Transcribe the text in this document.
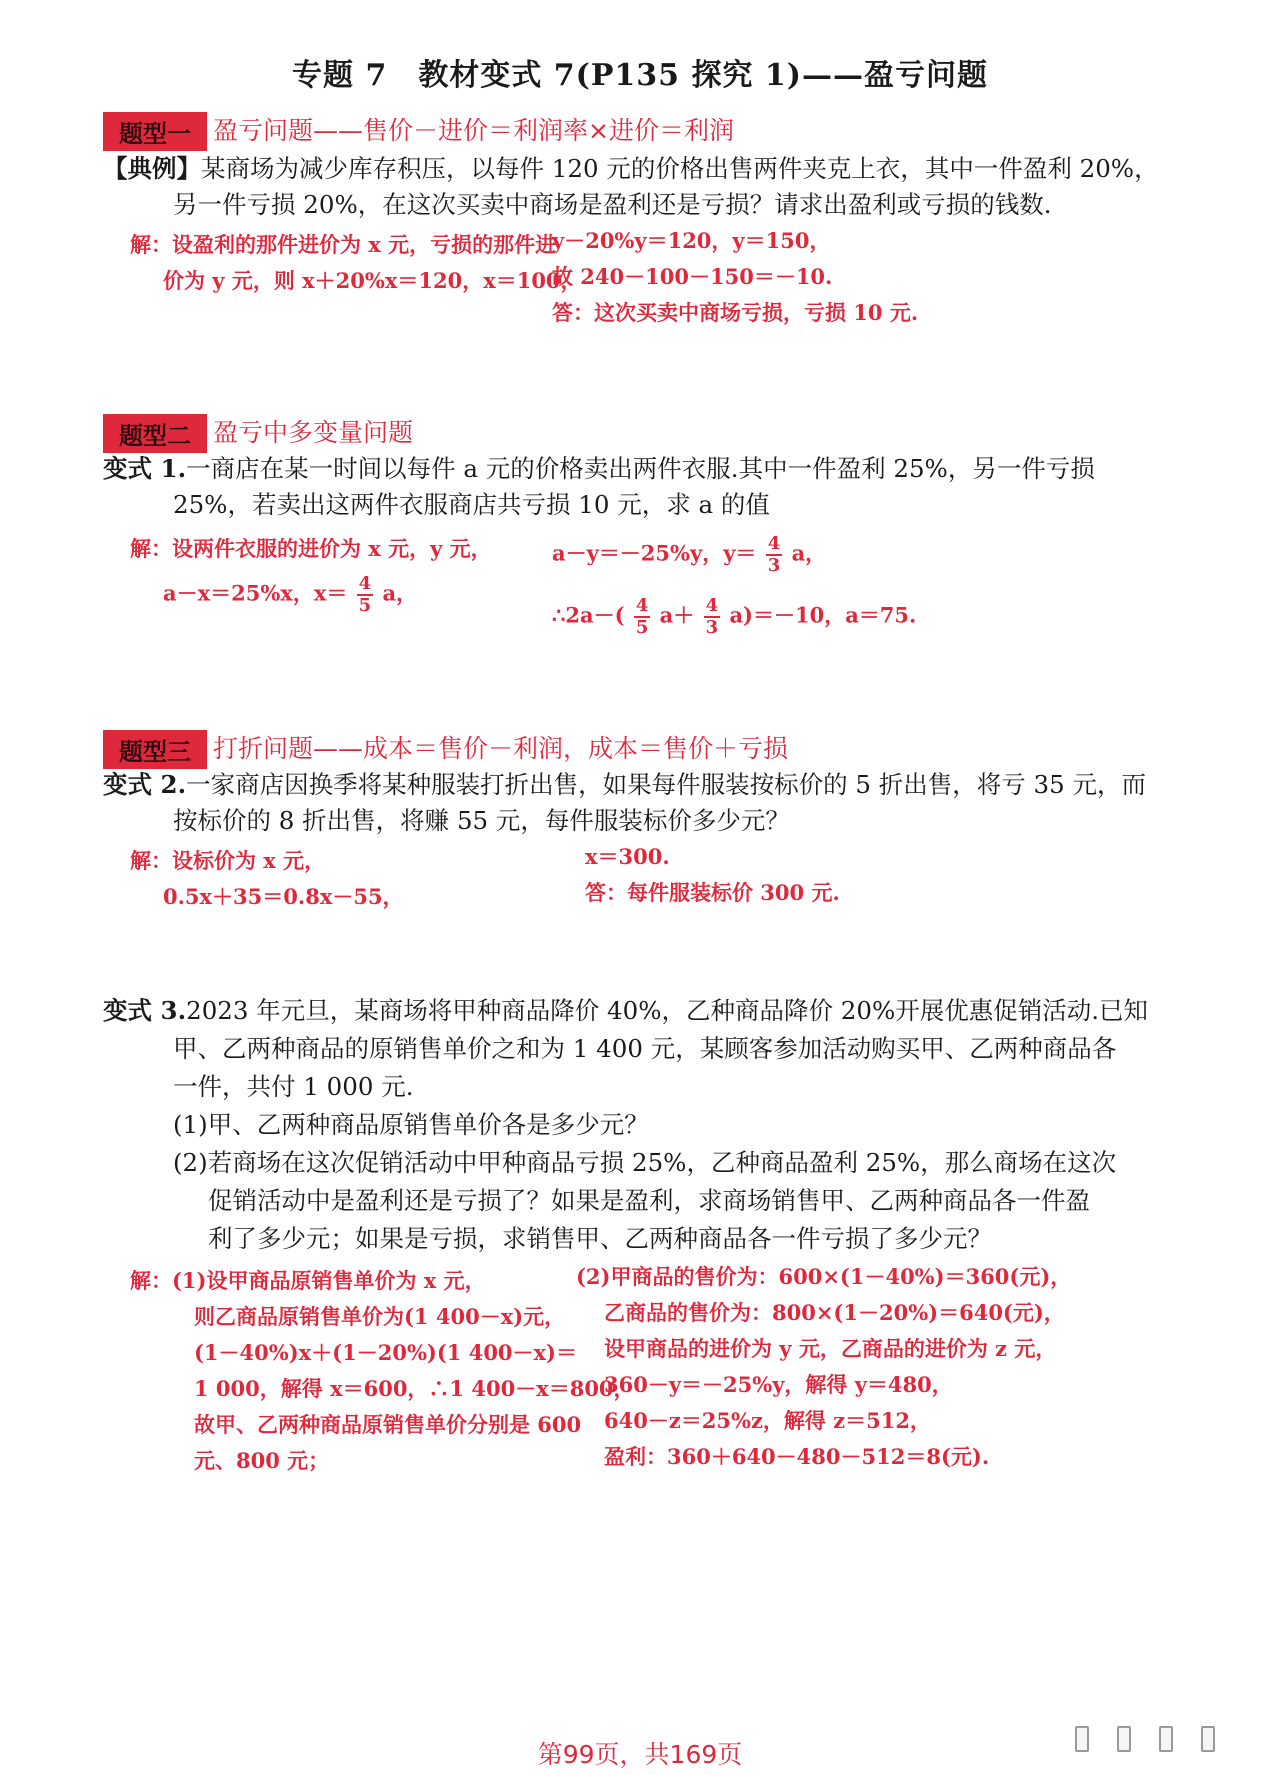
专题 7　教材变式 7(P135 探究 1)——盈亏问题
题型一 盈亏问题——售价－进价＝利润率×进价＝利润
【典例】某商场为减少库存积压，以每件 120 元的价格出售两件夹克上衣，其中一件盈利 20%，
另一件亏损 20%，在这次买卖中商场是盈利还是亏损？请求出盈利或亏损的钱数.
解：设盈利的那件进价为 x 元，亏损的那件进
价为 y 元，则 x＋20%x＝120，x＝100，
y－20%y＝120，y＝150，
故 240－100－150＝－10.
答：这次买卖中商场亏损，亏损 10 元.
题型二 盈亏中多变量问题
变式 1.一商店在某一时间以每件 a 元的价格卖出两件衣服.其中一件盈利 25%，另一件亏损
25%，若卖出这两件衣服商店共亏损 10 元，求 a 的值
解：设两件衣服的进价为 x 元，y 元，
a－x＝25%x，$x= \frac{4}{5}$ a，
a－y＝－25%y，$y= \frac{4}{3}$ a，
∴2a－( $\frac{4}{5} a+ \frac{4}{3} a)=-10$，a＝75.
题型三 打折问题——成本＝售价－利润，成本＝售价＋亏损
变式 2.一家商店因换季将某种服装打折出售，如果每件服装按标价的 5 折出售，将亏 35 元，而
按标价的 8 折出售，将赚 55 元，每件服装标价多少元？
解：设标价为 x 元，
0.5x＋35＝0.8x－55，
x＝300.
答：每件服装标价 300 元.
变式 3.2023 年元旦，某商场将甲种商品降价 40%，乙种商品降价 20%开展优惠促销活动.已知
甲、乙两种商品的原销售单价之和为 1 400 元，某顾客参加活动购买甲、乙两种商品各
一件，共付 1 000 元.
(1)甲、乙两种商品原销售单价各是多少元？
(2)若商场在这次促销活动中甲种商品亏损 25%，乙种商品盈利 25%，那么商场在这次
促销活动中是盈利还是亏损了？如果是盈利，求商场销售甲、乙两种商品各一件盈
利了多少元；如果是亏损，求销售甲、乙两种商品各一件亏损了多少元？
解：(1)设甲商品原销售单价为 x 元，
则乙商品原销售单价为(1 400－x)元，
(1－40%)x＋(1－20%)(1 400－x)＝
1 000，解得 x＝600，∴1 400－x＝800，
故甲、乙两种商品原销售单价分别是 600
元、800 元；
(2)甲商品的售价为：600×(1－40%)＝360(元)，
乙商品的售价为：800×(1－20%)＝640(元)，
设甲商品的进价为 y 元，乙商品的进价为 z 元，
360－y＝－25%y，解得 y＝480，
640－z＝25%z，解得 z＝512，
盈利：360＋640－480－512＝8(元).
第99页，共169页
